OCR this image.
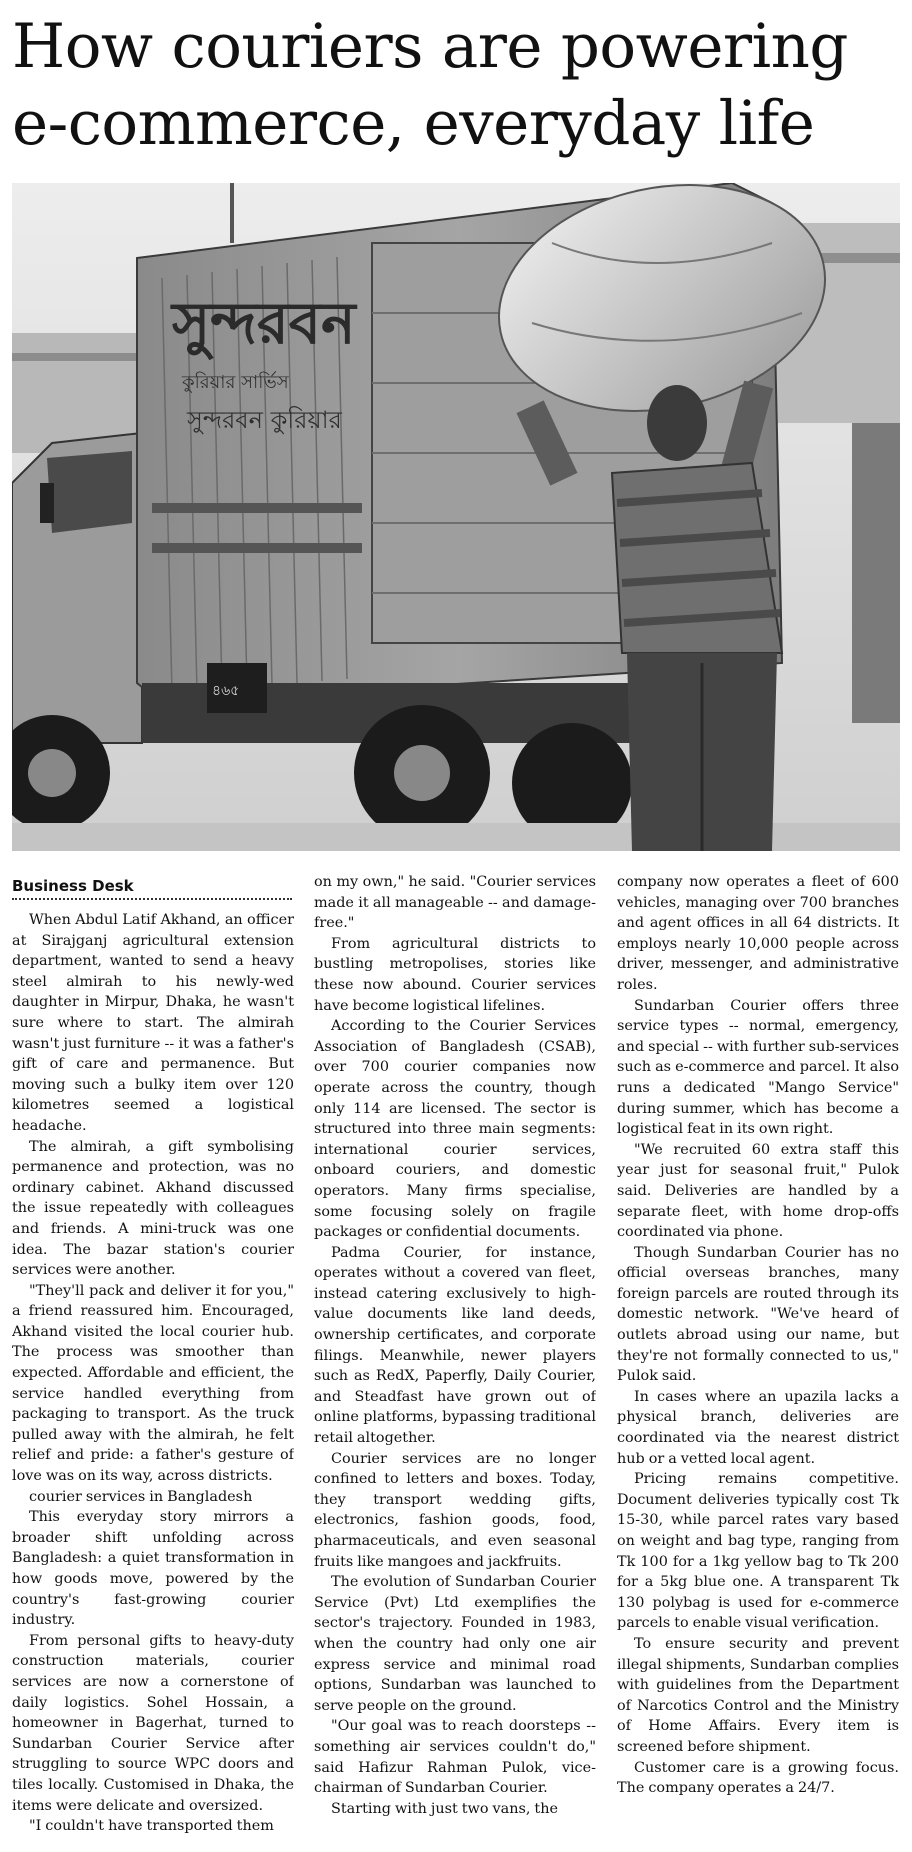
How couriers are powering e-commerce, everyday life
সুন্দরবন
কুরিয়ার সার্ভিস
সুন্দরবন কুরিয়ার
৪৬৫
Business Desk

When Abdul Latif Akhand, an officer at Sirajganj agricultural extension department, wanted to send a heavy steel almirah to his newly-wed daughter in Mirpur, Dhaka, he wasn't sure where to start. The almirah wasn't just furniture -- it was a father's gift of care and permanence. But moving such a bulky item over 120 kilometres seemed a logistical headache.

The almirah, a gift symbolising permanence and protection, was no ordinary cabinet. Akhand discussed the issue repeatedly with colleagues and friends. A mini-truck was one idea. The bazar station's courier services were another.

"They'll pack and deliver it for you," a friend reassured him. Encouraged, Akhand visited the local courier hub. The process was smoother than expected. Affordable and efficient, the service handled everything from packaging to transport. As the truck pulled away with the almirah, he felt relief and pride: a father's gesture of love was on its way, across districts.

courier services in Bangladesh

This everyday story mirrors a broader shift unfolding across Bangladesh: a quiet transformation in how goods move, powered by the country's fast-growing courier industry.

From personal gifts to heavy-duty construction materials, courier services are now a cornerstone of daily logistics. Sohel Hossain, a homeowner in Bagerhat, turned to Sundarban Courier Service after struggling to source WPC doors and tiles locally. Customised in Dhaka, the items were delicate and oversized.

"I couldn't have transported them

on my own," he said. "Courier services made it all manageable -- and damage-free."

From agricultural districts to bustling metropolises, stories like these now abound. Courier services have become logistical lifelines.

According to the Courier Services Association of Bangladesh (CSAB), over 700 courier companies now operate across the country, though only 114 are licensed. The sector is structured into three main segments: international courier services, onboard couriers, and domestic operators. Many firms specialise, some focusing solely on fragile packages or confidential documents.

Padma Courier, for instance, operates without a covered van fleet, instead catering exclusively to high-value documents like land deeds, ownership certificates, and corporate filings. Meanwhile, newer players such as RedX, Paperfly, Daily Courier, and Steadfast have grown out of online platforms, bypassing traditional retail altogether.

Courier services are no longer confined to letters and boxes. Today, they transport wedding gifts, electronics, fashion goods, food, pharmaceuticals, and even seasonal fruits like mangoes and jackfruits.

The evolution of Sundarban Courier Service (Pvt) Ltd exemplifies the sector's trajectory. Founded in 1983, when the country had only one air express service and minimal road options, Sundarban was launched to serve people on the ground.

"Our goal was to reach doorsteps -- something air services couldn't do," said Hafizur Rahman Pulok, vice-chairman of Sundarban Courier.

Starting with just two vans, the

company now operates a fleet of 600 vehicles, managing over 700 branches and agent offices in all 64 districts. It employs nearly 10,000 people across driver, messenger, and administrative roles.

Sundarban Courier offers three service types -- normal, emergency, and special -- with further sub-services such as e-commerce and parcel. It also runs a dedicated "Mango Service" during summer, which has become a logistical feat in its own right.

"We recruited 60 extra staff this year just for seasonal fruit," Pulok said. Deliveries are handled by a separate fleet, with home drop-offs coordinated via phone.

Though Sundarban Courier has no official overseas branches, many foreign parcels are routed through its domestic network. "We've heard of outlets abroad using our name, but they're not formally connected to us," Pulok said.

In cases where an upazila lacks a physical branch, deliveries are coordinated via the nearest district hub or a vetted local agent.

Pricing remains competitive. Document deliveries typically cost Tk 15-30, while parcel rates vary based on weight and bag type, ranging from Tk 100 for a 1kg yellow bag to Tk 200 for a 5kg blue one. A transparent Tk 130 polybag is used for e-commerce parcels to enable visual verification.

To ensure security and prevent illegal shipments, Sundarban complies with guidelines from the Department of Narcotics Control and the Ministry of Home Affairs. Every item is screened before shipment.

Customer care is a growing focus. The company operates a 24/7.
